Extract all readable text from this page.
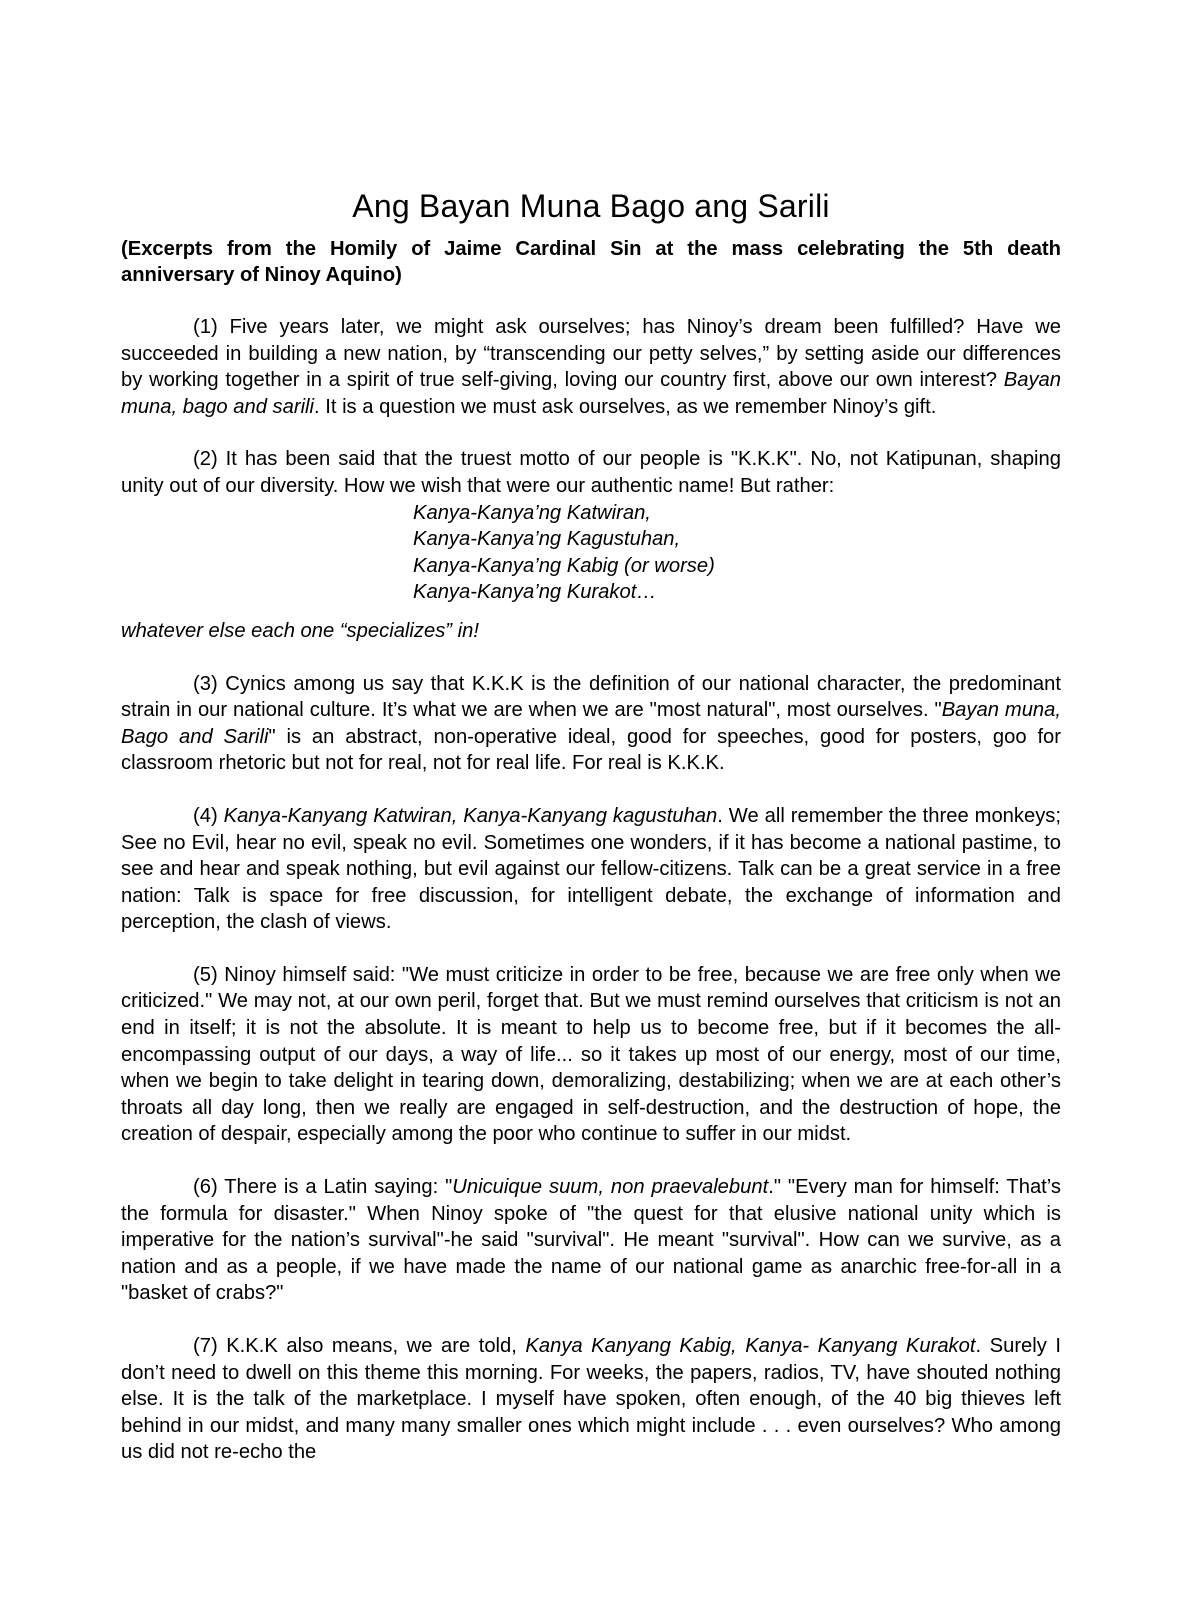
Ang Bayan Muna Bago ang Sarili
(Excerpts from the Homily of Jaime Cardinal Sin at the mass celebrating the 5th death anniversary of Ninoy Aquino)

(1) Five years later, we might ask ourselves; has Ninoy’s dream been fulfilled? Have we succeeded in building a new nation, by “transcending our petty selves,” by setting aside our differences by working together in a spirit of true self-giving, loving our country first, above our own interest? Bayan muna, bago and sarili. It is a question we must ask ourselves, as we remember Ninoy’s gift.

(2) It has been said that the truest motto of our people is "K.K.K". No, not Katipunan, shaping unity out of our diversity. How we wish that were our authentic name! But rather:

Kanya-Kanya’ng Katwiran,
Kanya-Kanya’ng Kagustuhan,
Kanya-Kanya’ng Kabig (or worse)
Kanya-Kanya’ng Kurakot…

whatever else each one “specializes” in!

(3) Cynics among us say that K.K.K is the definition of our national character, the predominant strain in our national culture. It’s what we are when we are "most natural", most ourselves. "Bayan muna, Bago and Sarili" is an abstract, non-operative ideal, good for speeches, good for posters, goo for classroom rhetoric but not for real, not for real life. For real is K.K.K.

(4) Kanya-Kanyang Katwiran, Kanya-Kanyang kagustuhan. We all remember the three monkeys; See no Evil, hear no evil, speak no evil. Sometimes one wonders, if it has become a national pastime, to see and hear and speak nothing, but evil against our fellow-citizens. Talk can be a great service in a free nation: Talk is space for free discussion, for intelligent debate, the exchange of information and perception, the clash of views.

(5) Ninoy himself said: "We must criticize in order to be free, because we are free only when we criticized." We may not, at our own peril, forget that. But we must remind ourselves that criticism is not an end in itself; it is not the absolute. It is meant to help us to become free, but if it becomes the all-encompassing output of our days, a way of life... so it takes up most of our energy, most of our time, when we begin to take delight in tearing down, demoralizing, destabilizing; when we are at each other’s throats all day long, then we really are engaged in self-destruction, and the destruction of hope, the creation of despair, especially among the poor who continue to suffer in our midst.

(6) There is a Latin saying: "Unicuique suum, non praevalebunt." "Every man for himself: That’s the formula for disaster." When Ninoy spoke of "the quest for that elusive national unity which is imperative for the nation’s survival"-he said "survival". He meant "survival". How can we survive, as a nation and as a people, if we have made the name of our national game as anarchic free-for-all in a "basket of crabs?"

(7) K.K.K also means, we are told, Kanya Kanyang Kabig, Kanya- Kanyang Kurakot. Surely I don’t need to dwell on this theme this morning. For weeks, the papers, radios, TV, have shouted nothing else. It is the talk of the marketplace. I myself have spoken, often enough, of the 40 big thieves left behind in our midst, and many many smaller ones which might include . . . even ourselves? Who among us did not re-echo the
